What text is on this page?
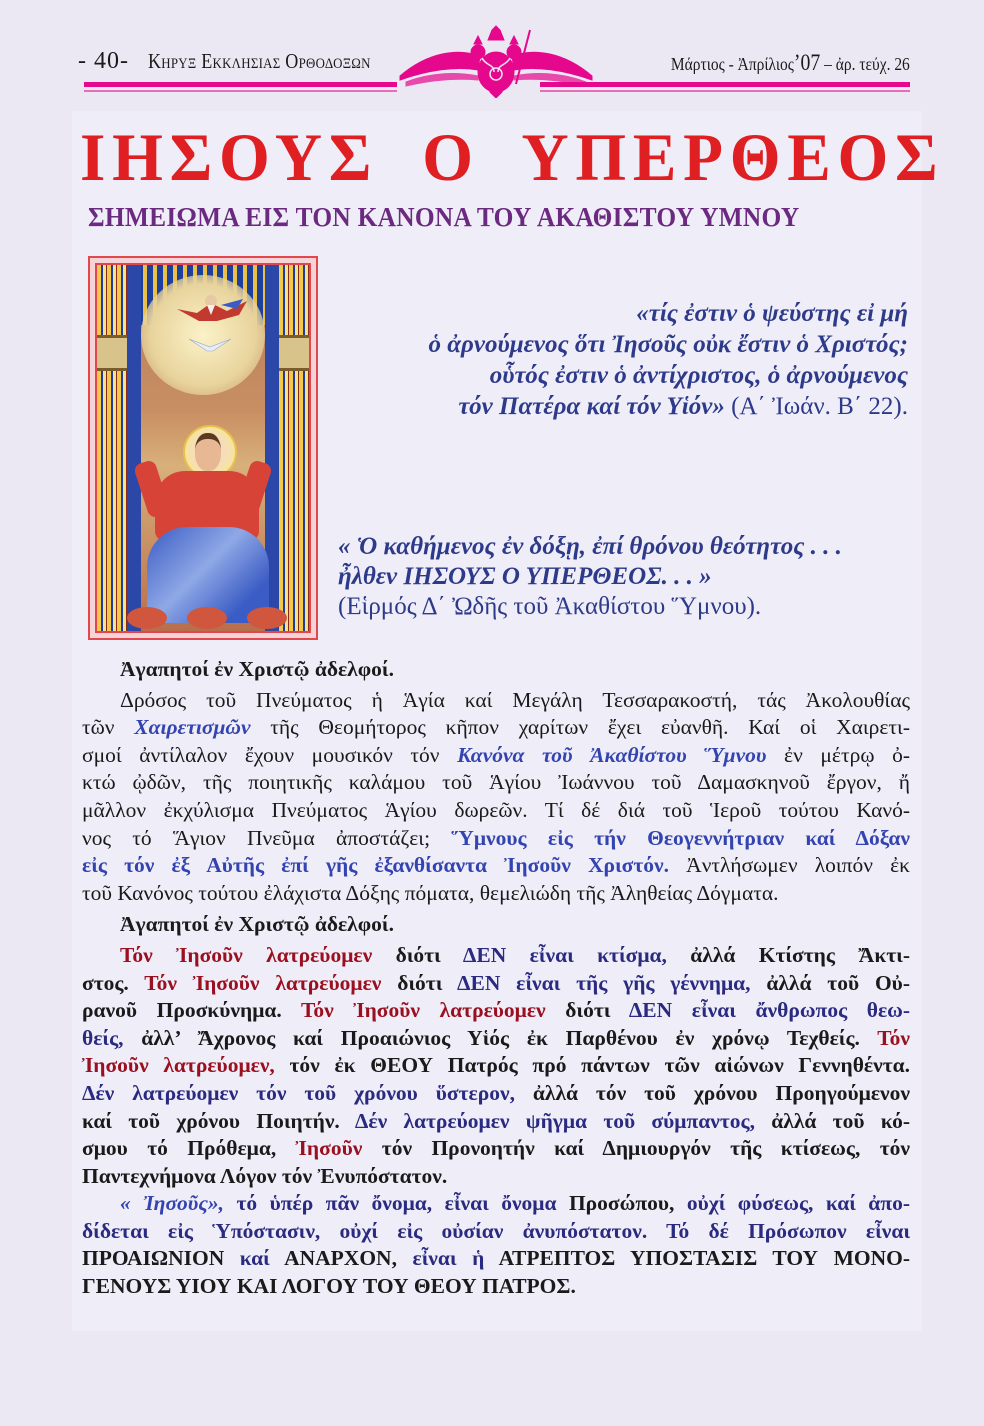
- 40- Κηρυξ Εκκλησιας Ορθοδοξων	Μάρτιος - Ἀπρίλιος’07 – ἀρ. τεύχ. 26
ΙΗΣΟΥΣ Ο ΥΠΕΡΘΕΟΣ
ΣΗΜΕΙΩΜΑ ΕΙΣ ΤΟΝ ΚΑΝΟΝΑ ΤΟΥ ΑΚΑΘΙΣΤΟΥ ΥΜΝΟΥ
«τίς ἐστιν ὁ ψεύστης εἰ μή
ὁ ἀρνούμενος ὅτι Ἰησοῦς οὐκ ἔστιν ὁ Χριστός;
οὗτός ἐστιν ὁ ἀντίχριστος, ὁ ἀρνούμενος
τόν Πατέρα καί τόν Υἱόν» (Α΄ Ἰωάν. Β΄ 22).
« Ὁ καθήμενος ἐν δόξῃ, ἐπί θρόνου θεότητος . . .
ἦλθεν ΙΗΣΟΥΣ Ο ΥΠΕΡΘΕΟΣ. . . »
(Εἱρμός Δ΄ Ὠδῆς τοῦ Ἀκαθίστου Ὕμνου).
Ἀγαπητοί ἐν Χριστῷ ἀδελφοί.
Δρόσος τοῦ Πνεύματος ἡ Ἁγία καί Μεγάλη Τεσσαρακοστή, τάς Ἀκολουθίας
τῶν Χαιρετισμῶν τῆς Θεομήτορος κῆπον χαρίτων ἔχει εὐανθῆ. Καί οἱ Χαιρετι-
σμοί ἀντίλαλον ἔχουν μουσικόν τόν Κανόνα τοῦ Ἀκαθίστου Ὕμνου ἐν μέτρῳ ὀ-
κτώ ᾠδῶν, τῆς ποιητικῆς καλάμου τοῦ Ἁγίου Ἰωάννου τοῦ Δαμασκηνοῦ ἔργον, ἤ
μᾶλλον ἐκχύλισμα Πνεύματος Ἁγίου δωρεῶν. Τί δέ διά τοῦ Ἱεροῦ τούτου Κανό-
νος τό Ἅγιον Πνεῦμα ἀποστάζει; Ὕμνους εἰς τήν Θεογεννήτριαν καί Δόξαν
εἰς τόν ἐξ Αὐτῆς ἐπί γῆς ἐξανθίσαντα Ἰησοῦν Χριστόν. Ἀντλήσωμεν λοιπόν ἐκ
τοῦ Κανόνος τούτου ἐλάχιστα Δόξης πόματα, θεμελιώδη τῆς Ἀληθείας Δόγματα.
Ἀγαπητοί ἐν Χριστῷ ἀδελφοί.
Τόν Ἰησοῦν λατρεύομεν διότι ΔΕΝ εἶναι κτίσμα, ἀλλά Κτίστης Ἄκτι-
στος. Τόν Ἰησοῦν λατρεύομεν διότι ΔΕΝ εἶναι τῆς γῆς γέννημα, ἀλλά τοῦ Οὐ-
ρανοῦ Προσκύνημα. Τόν Ἰησοῦν λατρεύομεν διότι ΔΕΝ εἶναι ἄνθρωπος θεω-
θείς, ἀλλ’ Ἄχρονος καί Προαιώνιος Υἱός ἐκ Παρθένου ἐν χρόνῳ Τεχθείς. Τόν
Ἰησοῦν λατρεύομεν, τόν ἐκ ΘΕΟΥ Πατρός πρό πάντων τῶν αἰώνων Γεννηθέντα.
Δέν λατρεύομεν τόν τοῦ χρόνου ὕστερον, ἀλλά τόν τοῦ χρόνου Προηγούμενον
καί τοῦ χρόνου Ποιητήν. Δέν λατρεύομεν ψῆγμα τοῦ σύμπαντος, ἀλλά τοῦ κό-
σμου τό Πρόθεμα, Ἰησοῦν τόν Προνοητήν καί Δημιουργόν τῆς κτίσεως, τόν
Παντεχνήμονα Λόγον τόν Ἐνυπόστατον.
« Ἰησοῦς», τό ὑπέρ πᾶν ὄνομα, εἶναι ὄνομα Προσώπου, οὐχί φύσεως, καί ἀπο-
δίδεται εἰς Ὑπόστασιν, οὐχί εἰς οὐσίαν ἀνυπόστατον. Τό δέ Πρόσωπον εἶναι
ΠΡΟΑΙΩΝΙΟΝ καί ΑΝΑΡΧΟΝ, εἶναι ἡ ΑΤΡΕΠΤΟΣ ΥΠΟΣΤΑΣΙΣ ΤΟΥ ΜΟΝΟ-
ΓΕΝΟΥΣ ΥΙΟΥ ΚΑΙ ΛΟΓΟΥ ΤΟΥ ΘΕΟΥ ΠΑΤΡΟΣ.
